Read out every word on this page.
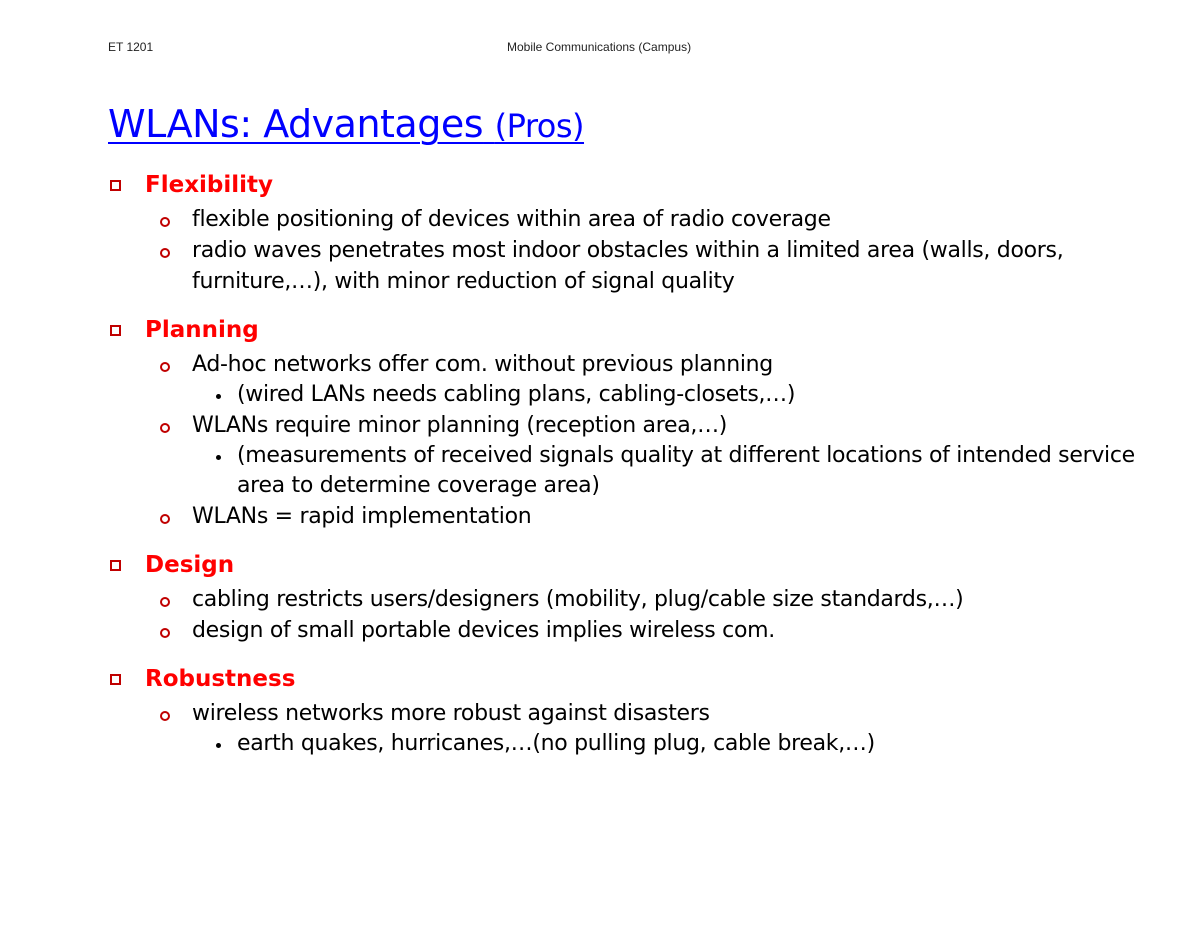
ET 1201	Mobile Communications (Campus)
WLANs: Advantages (Pros)
Flexibility
flexible positioning of devices within area of radio coverage
radio waves penetrates most indoor obstacles within a limited area (walls, doors, furniture,…), with minor reduction of signal quality
Planning
Ad-hoc networks offer com. without previous planning
(wired LANs needs cabling plans, cabling-closets,…)
WLANs require minor planning (reception area,…)
(measurements of received signals quality at different locations of intended service area to determine coverage area)
WLANs = rapid implementation
Design
cabling restricts users/designers (mobility, plug/cable size standards,…)
design of small portable devices implies wireless com.
Robustness
wireless networks more robust against disasters
earth quakes, hurricanes,…(no pulling plug, cable break,…)
